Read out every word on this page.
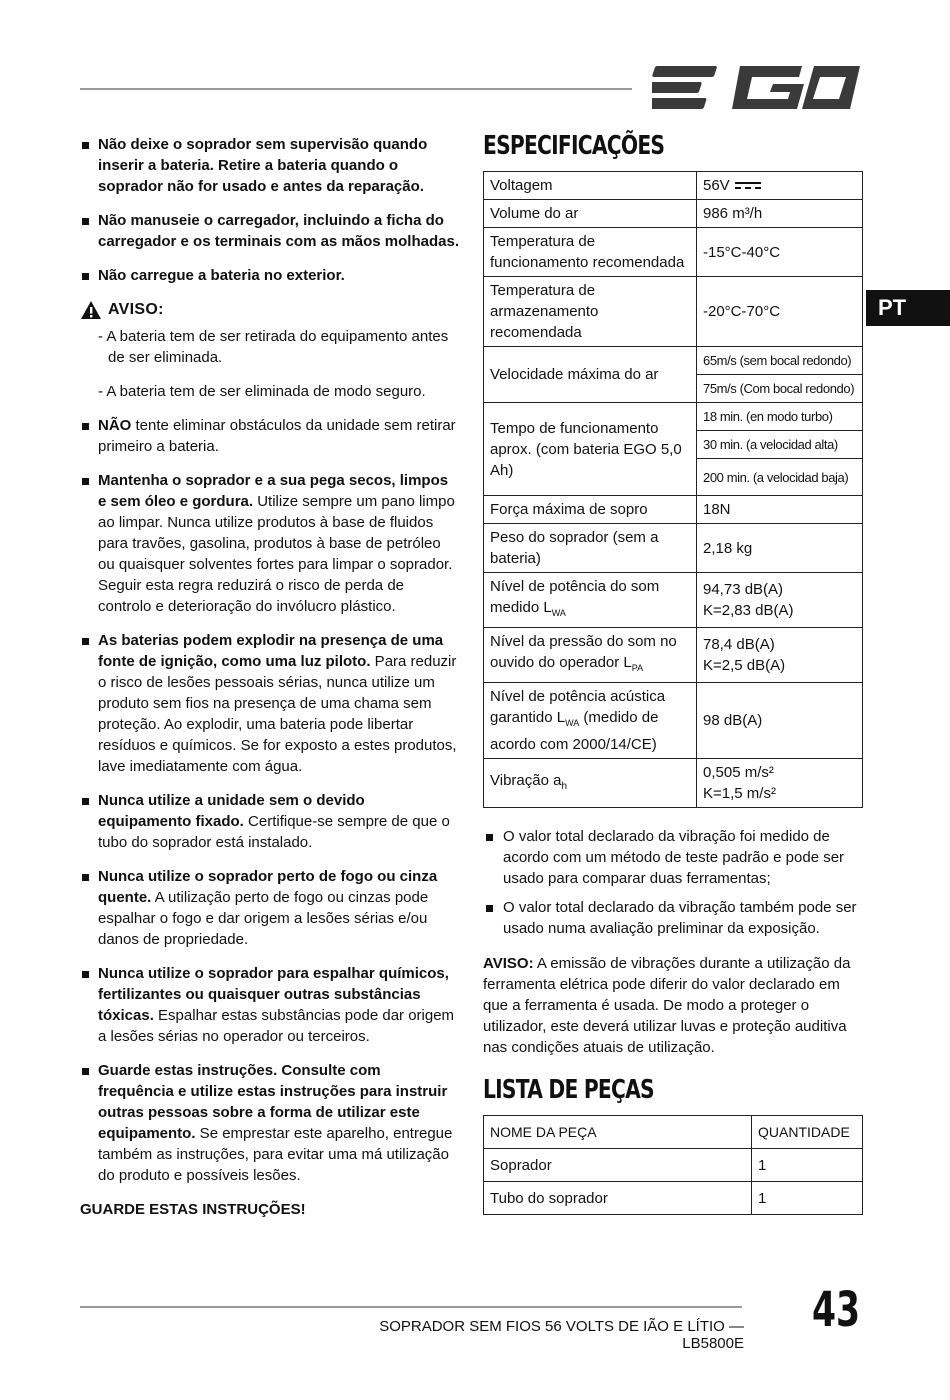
PT
Não deixe o soprador sem supervisão quando inserir a bateria. Retire a bateria quando o soprador não for usado e antes da reparação.
Não manuseie o carregador, incluindo a ficha do carregador e os terminais com as mãos molhadas.
Não carregue a bateria no exterior.
AVISO:
- A bateria tem de ser retirada do equipamento antes de ser eliminada.
- A bateria tem de ser eliminada de modo seguro.
NÃO tente eliminar obstáculos da unidade sem retirar primeiro a bateria.
Mantenha o soprador e a sua pega secos, limpos e sem óleo e gordura. Utilize sempre um pano limpo ao limpar. Nunca utilize produtos à base de fluidos para travões, gasolina, produtos à base de petróleo ou quaisquer solventes fortes para limpar o soprador. Seguir esta regra reduzirá o risco de perda de controlo e deterioração do invólucro plástico.
As baterias podem explodir na presença de uma fonte de ignição, como uma luz piloto. Para reduzir o risco de lesões pessoais sérias, nunca utilize um produto sem fios na presença de uma chama sem proteção. Ao explodir, uma bateria pode libertar resíduos e químicos. Se for exposto a estes produtos, lave imediatamente com água.
Nunca utilize a unidade sem o devido equipamento fixado. Certifique-se sempre de que o tubo do soprador está instalado.
Nunca utilize o soprador perto de fogo ou cinza quente. A utilização perto de fogo ou cinzas pode espalhar o fogo e dar origem a lesões sérias e/ou danos de propriedade.
Nunca utilize o soprador para espalhar químicos, fertilizantes ou quaisquer outras substâncias tóxicas. Espalhar estas substâncias pode dar origem a lesões sérias no operador ou terceiros.
Guarde estas instruções. Consulte com frequência e utilize estas instruções para instruir outras pessoas sobre a forma de utilizar este equipamento. Se emprestar este aparelho, entregue também as instruções, para evitar uma má utilização do produto e possíveis lesões.
GUARDE ESTAS INSTRUÇÕES!
ESPECIFICAÇÕES
Voltagem	56V
Volume do ar	986 m³/h
Temperatura de funcionamento recomendada	-15°C-40°C
Temperatura de armazenamento recomendada	-20°C-70°C
Velocidade máxima do ar	65m/s (sem bocal redondo)
	75m/s (Com bocal redondo)
Tempo de funcionamento aprox. (com bateria EGO 5,0 Ah)	18 min. (en modo turbo)
	30 min. (a velocidad alta)
	200 min. (a velocidad baja)
Força máxima de sopro	18N
Peso do soprador (sem a bateria)	2,18 kg
Nível de potência do som medido $L_{WA}$	94,73 dB(A)
K=2,83 dB(A)

Nível da pressão do som no ouvido do operador $L_{PA}$	78,4 dB(A)
K=2,5 dB(A)

Nível de potência acústica garantido $L_{WA}$ (medido de acordo com 2000/14/CE)	98 dB(A)
Vibração $a_h$	0,505 m/s²
K=1,5 m/s²
O valor total declarado da vibração foi medido de acordo com um método de teste padrão e pode ser usado para comparar duas ferramentas;
O valor total declarado da vibração também pode ser usado numa avaliação preliminar da exposição.
AVISO: A emissão de vibrações durante a utilização da ferramenta elétrica pode diferir do valor declarado em que a ferramenta é usada. De modo a proteger o utilizador, este deverá utilizar luvas e proteção auditiva nas condições atuais de utilização.
LISTA DE PEÇAS
NOME DA PEÇA	QUANTIDADE
Soprador	1
Tubo do soprador	1
SOPRADOR SEM FIOS 56 VOLTS DE IÃO E LÍTIO — LB5800E
43
